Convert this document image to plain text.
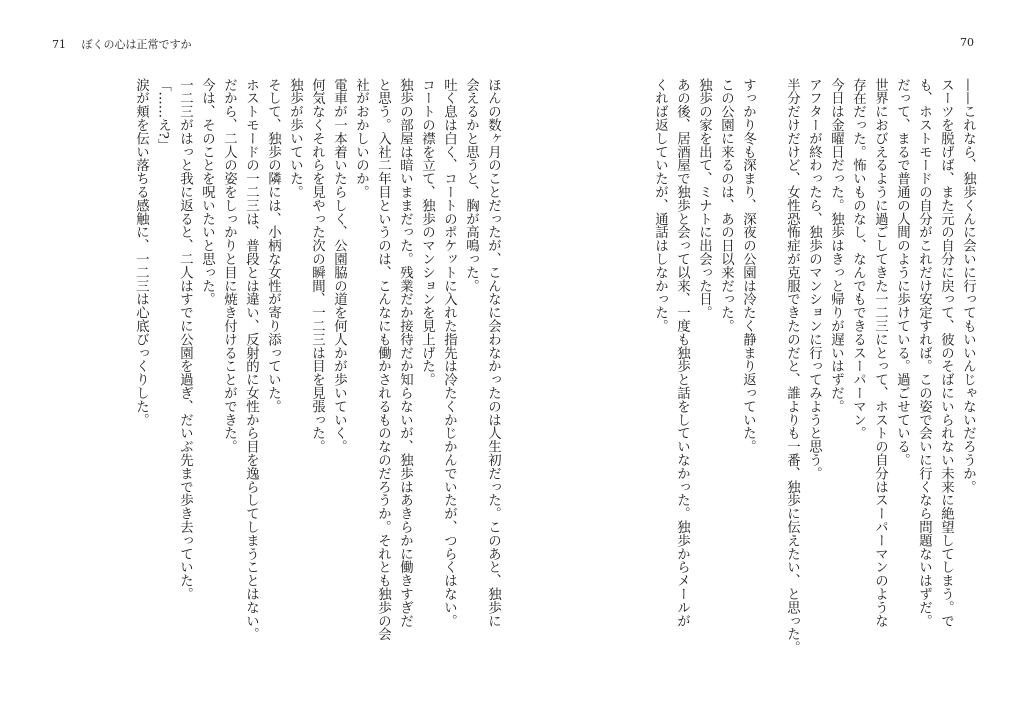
71 ぼくの心は正常ですか	70
——これなら、独歩くんに会いに行ってもいいんじゃないだろうか。
スーツを脱げば、また元の自分に戻って、彼のそばにいられない未来に絶望してしまう。で
も、ホストモードの自分がこれだけ安定すれば。この姿で会いに行くなら問題ないはずだ。
だって、まるで普通の人間のように歩けている。過ごせている。
世界におびえるように過ごしてきた一二三にとって、ホストの自分はスーパーマンのような
存在だった。怖いものなし、なんでもできるスーパーマン。
今日は金曜日だった。独歩はきっと帰りが遅いはずだ。
アフターが終わったら、独歩のマンションに行ってみようと思う。
半分だけだけど、女性恐怖症が克服できたのだと、誰よりも一番、独歩に伝えたい、と思った。
すっかり冬も深まり、深夜の公園は冷たく静まり返っていた。
この公園に来るのは、あの日以来だった。
独歩の家を出て、ミナトに出会った日。
あの後、居酒屋で独歩と会って以来、一度も独歩と話をしていなかった。独歩からメールが
くれば返していたが、通話はしなかった。
ほんの数ヶ月のことだったが、こんなに会わなかったのは人生初だった。このあと、独歩に
会えるかと思うと、胸が高鳴った。
吐く息は白く、コートのポケットに入れた指先は冷たくかじかんでいたが、つらくはない。
コートの襟を立て、独歩のマンションを見上げた。
独歩の部屋は暗いままだった。残業だか接待だか知らないが、独歩はあきらかに働きすぎだ
と思う。入社二年目というのは、こんなにも働かされるものなのだろうか。それとも独歩の会
社がおかしいのか。
電車が一本着いたらしく、公園脇の道を何人かが歩いていく。
何気なくそれらを見やった次の瞬間、一二三は目を見張った。
独歩が歩いていた。
そして、独歩の隣には、小柄な女性が寄り添っていた。
ホストモードの一二三は、普段とは違い、反射的に女性から目を逸らしてしまうことはない。
だから、二人の姿をしっかりと目に焼き付けることができた。
今は、そのことを呪いたいと思った。
一二三がはっと我に返ると、二人はすでに公園を過ぎ、だいぶ先まで歩き去っていた。
「……え?」
涙が頬を伝い落ちる感触に、一二三は心底びっくりした。
